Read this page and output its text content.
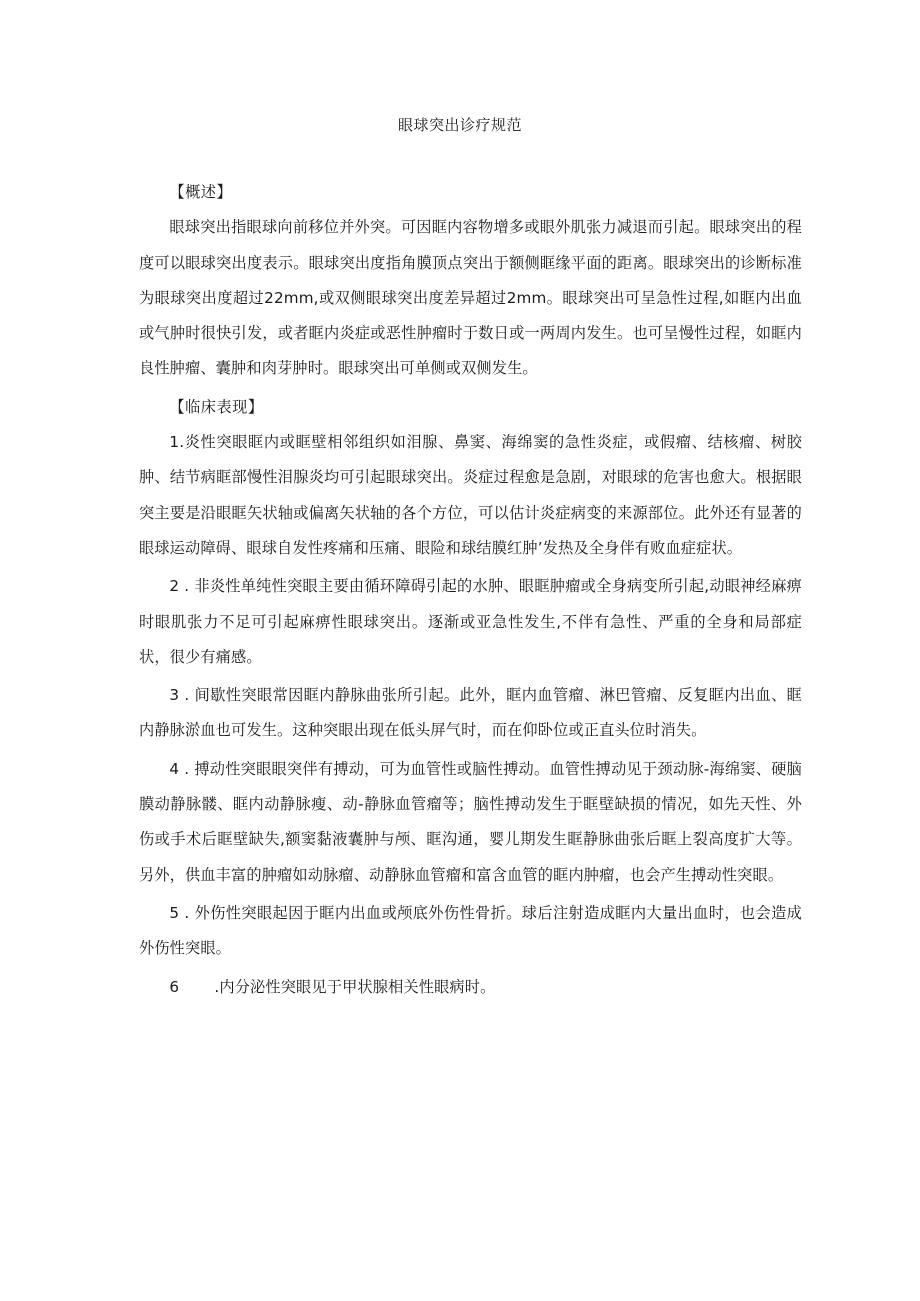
眼球突出诊疗规范

【概述】

眼球突出指眼球向前移位并外突。可因眶内容物增多或眼外肌张力减退而引起。眼球突出的程度可以眼球突出度表示。眼球突出度指角膜顶点突出于额侧眶缘平面的距离。眼球突出的诊断标准为眼球突出度超过22mm,或双侧眼球突出度差异超过2mm。眼球突出可呈急性过程,如眶内出血或气肿时很快引发，或者眶内炎症或恶性肿瘤时于数日或一两周内发生。也可呈慢性过程，如眶内良性肿瘤、囊肿和肉芽肿时。眼球突出可单侧或双侧发生。

【临床表现】

1.炎性突眼眶内或眶壁相邻组织如泪腺、鼻窦、海绵窦的急性炎症，或假瘤、结核瘤、树胶肿、结节病眶部慢性泪腺炎均可引起眼球突出。炎症过程愈是急剧，对眼球的危害也愈大。根据眼突主要是沿眼眶矢状轴或偏离矢状轴的各个方位，可以估计炎症病变的来源部位。此外还有显著的眼球运动障碍、眼球自发性疼痛和压痛、眼险和球结膜红肿’发热及全身伴有败血症症状。

2 . 非炎性单纯性突眼主要由循环障碍引起的水肿、眼眶肿瘤或全身病变所引起,动眼神经麻痹时眼肌张力不足可引起麻痹性眼球突出。逐渐或亚急性发生,不伴有急性、严重的全身和局部症状，很少有痛感。

3 . 间歇性突眼常因眶内静脉曲张所引起。此外，眶内血管瘤、淋巴管瘤、反复眶内出血、眶内静脉淤血也可发生。这种突眼出现在低头屏气时，而在仰卧位或正直头位时消失。

4 . 搏动性突眼眼突伴有搏动，可为血管性或脑性搏动。血管性搏动见于颈动脉-海绵窦、硬脑膜动静脉髅、眶内动静脉瘦、动-静脉血管瘤等；脑性搏动发生于眶壁缺损的情况，如先天性、外伤或手术后眶壁缺失,额窦黏液囊肿与颅、眶沟通，婴儿期发生眶静脉曲张后眶上裂高度扩大等。另外，供血丰富的肿瘤如动脉瘤、动静脉血管瘤和富含血管的眶内肿瘤，也会产生搏动性突眼。

5 . 外伤性突眼起因于眶内出血或颅底外伤性骨折。球后注射造成眶内大量出血时，也会造成外伤性突眼。

6 .内分泌性突眼见于甲状腺相关性眼病时。
